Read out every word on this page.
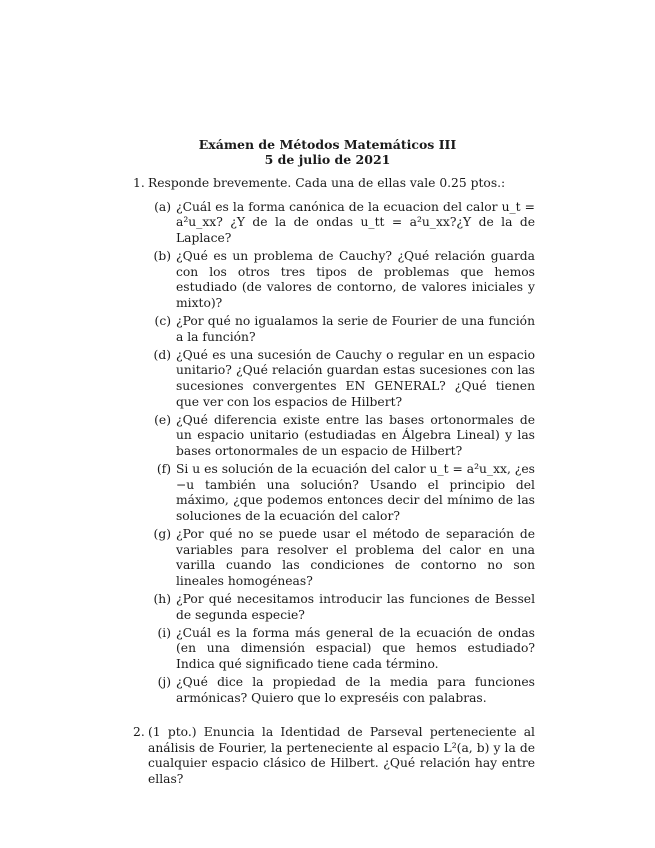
Exámen de Métodos Matemáticos III
5 de julio de 2021
1. Responde brevemente. Cada una de ellas vale 0.25 ptos.:
(a) ¿Cuál es la forma canónica de la ecuacion del calor u_t = a²u_xx? ¿Y de la de ondas u_tt = a²u_xx?¿Y de la de Laplace?
(b) ¿Qué es un problema de Cauchy? ¿Qué relación guarda con los otros tres tipos de problemas que hemos estudiado (de valores de contorno, de valores iniciales y mixto)?
(c) ¿Por qué no igualamos la serie de Fourier de una función a la función?
(d) ¿Qué es una sucesión de Cauchy o regular en un espacio unitario? ¿Qué relación guardan estas sucesiones con las sucesiones convergentes EN GENERAL? ¿Qué tienen que ver con los espacios de Hilbert?
(e) ¿Qué diferencia existe entre las bases ortonormales de un espacio unitario (estudiadas en Álgebra Lineal) y las bases ortonormales de un espacio de Hilbert?
(f) Si u es solución de la ecuación del calor u_t = a²u_xx, ¿es −u también una solución? Usando el principio del máximo, ¿que podemos entonces decir del mínimo de las soluciones de la ecuación del calor?
(g) ¿Por qué no se puede usar el método de separación de variables para resolver el problema del calor en una varilla cuando las condiciones de contorno no son lineales homogéneas?
(h) ¿Por qué necesitamos introducir las funciones de Bessel de segunda especie?
(i) ¿Cuál es la forma más general de la ecuación de ondas (en una dimensión espacial) que hemos estudiado? Indica qué significado tiene cada término.
(j) ¿Qué dice la propiedad de la media para funciones armónicas? Quiero que lo expreséis con palabras.
2. (1 pto.) Enuncia la Identidad de Parseval perteneciente al análisis de Fourier, la perteneciente al espacio L²(a, b) y la de cualquier espacio clásico de Hilbert. ¿Qué relación hay entre ellas?
